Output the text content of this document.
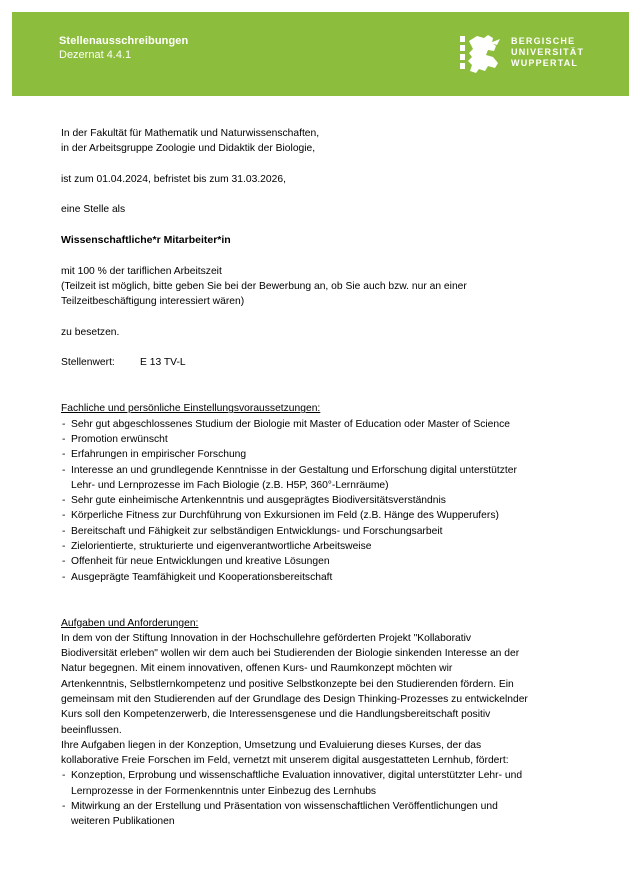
Stellenausschreibungen
Dezernat 4.4.1
BERGISCHE
UNIVERSITÄT
WUPPERTAL

In der Fakultät für Mathematik und Naturwissenschaften,

in der Arbeitsgruppe Zoologie und Didaktik der Biologie,

ist zum 01.04.2024, befristet bis zum 31.03.2026,

eine Stelle als

Wissenschaftliche*r Mitarbeiter*in

mit 100 % der tariflichen Arbeitszeit

(Teilzeit ist möglich, bitte geben Sie bei der Bewerbung an, ob Sie auch bzw. nur an einer

Teilzeitbeschäftigung interessiert wären)

zu besetzen.

Stellenwert: E 13 TV-L

Fachliche und persönliche Einstellungsvoraussetzungen:

- Sehr gut abgeschlossenes Studium der Biologie mit Master of Education oder Master of Science
- Promotion erwünscht
- Erfahrungen in empirischer Forschung
- Interesse an und grundlegende Kenntnisse in der Gestaltung und Erforschung digital unterstützter
Lehr- und Lernprozesse im Fach Biologie (z.B. H5P, 360°-Lernräume)
- Sehr gute einheimische Artenkenntnis und ausgeprägtes Biodiversitätsverständnis
- Körperliche Fitness zur Durchführung von Exkursionen im Feld (z.B. Hänge des Wupperufers)
- Bereitschaft und Fähigkeit zur selbständigen Entwicklungs- und Forschungsarbeit
- Zielorientierte, strukturierte und eigenverantwortliche Arbeitsweise
- Offenheit für neue Entwicklungen und kreative Lösungen
- Ausgeprägte Teamfähigkeit und Kooperationsbereitschaft

Aufgaben und Anforderungen:

In dem von der Stiftung Innovation in der Hochschullehre geförderten Projekt "Kollaborativ

Biodiversität erleben" wollen wir dem auch bei Studierenden der Biologie sinkenden Interesse an der

Natur begegnen. Mit einem innovativen, offenen Kurs- und Raumkonzept möchten wir

Artenkenntnis, Selbstlernkompetenz und positive Selbstkonzepte bei den Studierenden fördern. Ein

gemeinsam mit den Studierenden auf der Grundlage des Design Thinking-Prozesses zu entwickelnder

Kurs soll den Kompetenzerwerb, die Interessensgenese und die Handlungsbereitschaft positiv

beeinflussen.

Ihre Aufgaben liegen in der Konzeption, Umsetzung und Evaluierung dieses Kurses, der das

kollaborative Freie Forschen im Feld, vernetzt mit unserem digital ausgestatteten Lernhub, fördert:

- Konzeption, Erprobung und wissenschaftliche Evaluation innovativer, digital unterstützter Lehr- und
Lernprozesse in der Formenkenntnis unter Einbezug des Lernhubs
- Mitwirkung an der Erstellung und Präsentation von wissenschaftlichen Veröffentlichungen und
weiteren Publikationen
